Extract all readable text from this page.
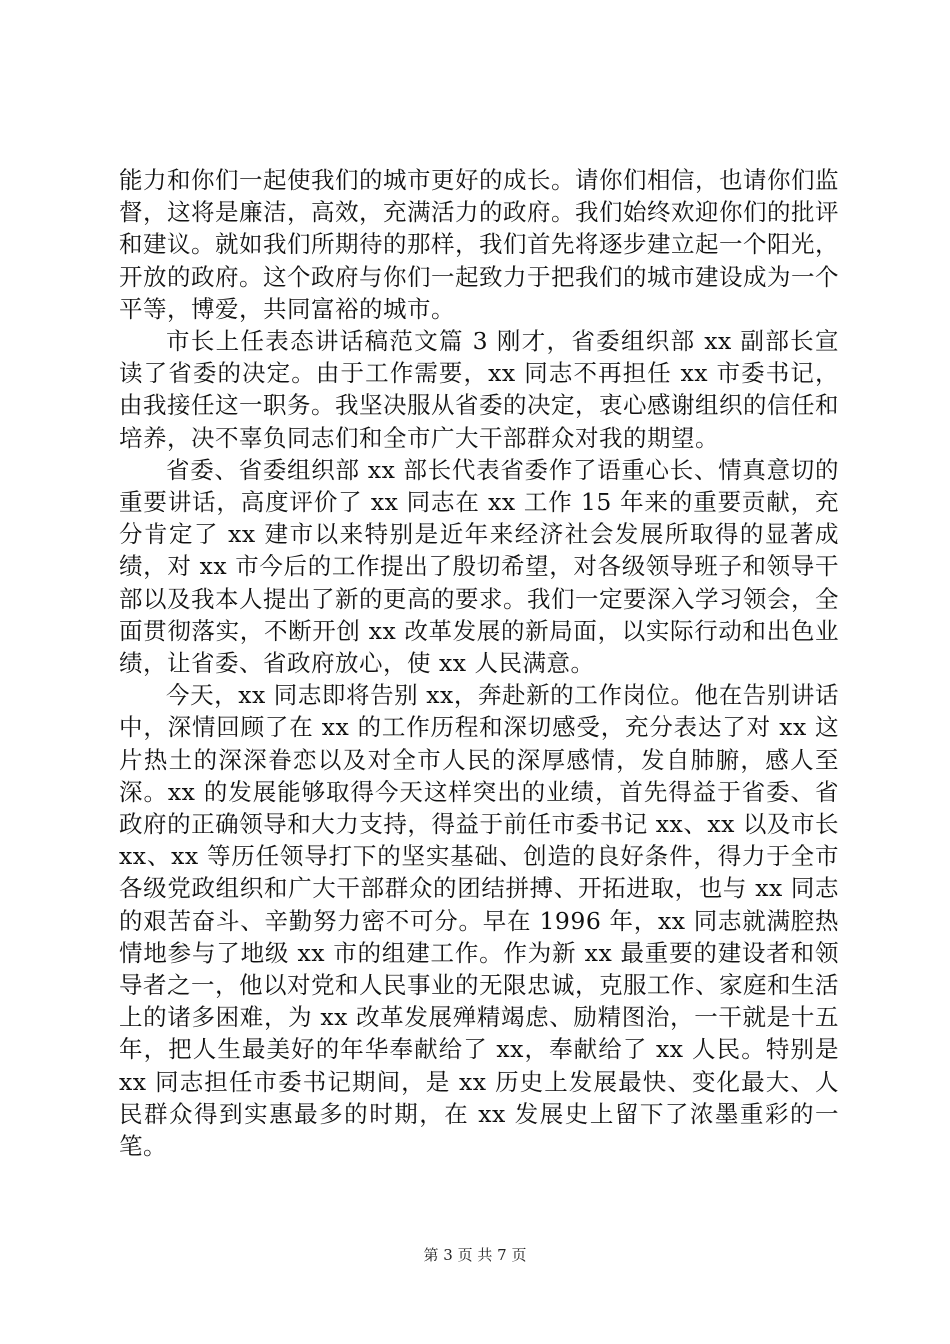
能力和你们一起使我们的城市更好的成长。请你们相信，也请你们监督，这将是廉洁，高效，充满活力的政府。我们始终欢迎你们的批评和建议。就如我们所期待的那样，我们首先将逐步建立起一个阳光，开放的政府。这个政府与你们一起致力于把我们的城市建设成为一个平等，博爱，共同富裕的城市。

市长上任表态讲话稿范文篇 3 刚才，省委组织部 xx 副部长宣读了省委的决定。由于工作需要，xx 同志不再担任 xx 市委书记，由我接任这一职务。我坚决服从省委的决定，衷心感谢组织的信任和培养，决不辜负同志们和全市广大干部群众对我的期望。

省委、省委组织部 xx 部长代表省委作了语重心长、情真意切的重要讲话，高度评价了 xx 同志在 xx 工作 15 年来的重要贡献，充分肯定了 xx 建市以来特别是近年来经济社会发展所取得的显著成绩，对 xx 市今后的工作提出了殷切希望，对各级领导班子和领导干部以及我本人提出了新的更高的要求。我们一定要深入学习领会，全面贯彻落实，不断开创 xx 改革发展的新局面，以实际行动和出色业绩，让省委、省政府放心，使 xx 人民满意。

今天，xx 同志即将告别 xx，奔赴新的工作岗位。他在告别讲话中，深情回顾了在 xx 的工作历程和深切感受，充分表达了对 xx 这片热土的深深眷恋以及对全市人民的深厚感情，发自肺腑，感人至深。xx 的发展能够取得今天这样突出的业绩，首先得益于省委、省政府的正确领导和大力支持，得益于前任市委书记 xx、xx 以及市长 xx、xx 等历任领导打下的坚实基础、创造的良好条件，得力于全市各级党政组织和广大干部群众的团结拼搏、开拓进取，也与 xx 同志的艰苦奋斗、辛勤努力密不可分。早在 1996 年，xx 同志就满腔热情地参与了地级 xx 市的组建工作。作为新 xx 最重要的建设者和领导者之一，他以对党和人民事业的无限忠诚，克服工作、家庭和生活上的诸多困难，为 xx 改革发展殚精竭虑、励精图治，一干就是十五年，把人生最美好的年华奉献给了 xx，奉献给了 xx 人民。特别是 xx 同志担任市委书记期间，是 xx 历史上发展最快、变化最大、人民群众得到实惠最多的时期，在 xx 发展史上留下了浓墨重彩的一笔。

第 3 页 共 7 页
